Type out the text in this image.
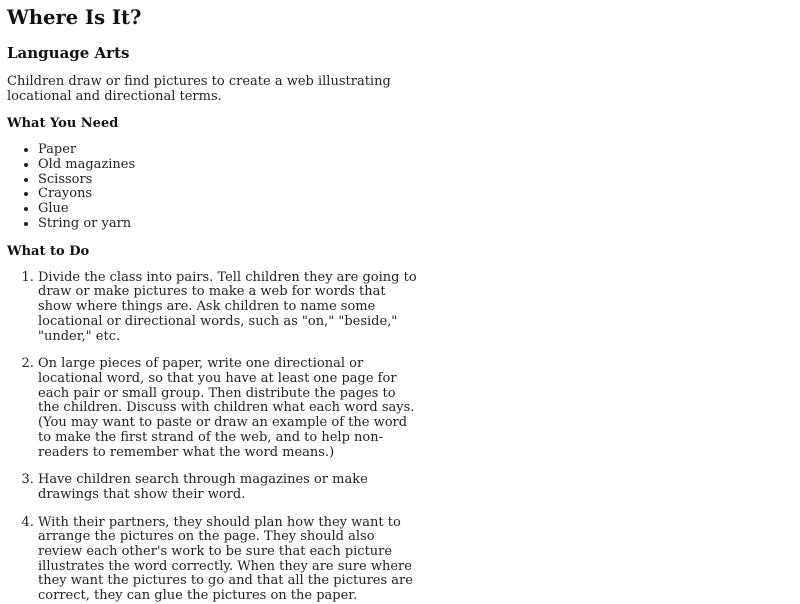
Where Is It?
Language Arts

Children draw or find pictures to create a web illustrating locational and directional terms.

What You Need
• Paper
• Old magazines
• Scissors
• Crayons
• Glue
• String or yarn
What to Do
1. Divide the class into pairs. Tell children they are going to draw or make pictures to make a web for words that show where things are. Ask children to name some locational or directional words, such as "on," "beside," "under," etc.
2. On large pieces of paper, write one directional or locational word, so that you have at least one page for each pair or small group. Then distribute the pages to the children. Discuss with children what each word says. (You may want to paste or draw an example of the word to make the first strand of the web, and to help non-readers to remember what the word means.)
3. Have children search through magazines or make drawings that show their word.
4. With their partners, they should plan how they want to arrange the pictures on the page. They should also review each other's work to be sure that each picture illustrates the word correctly. When they are sure where they want the pictures to go and that all the pictures are correct, they can glue the pictures on the paper.
